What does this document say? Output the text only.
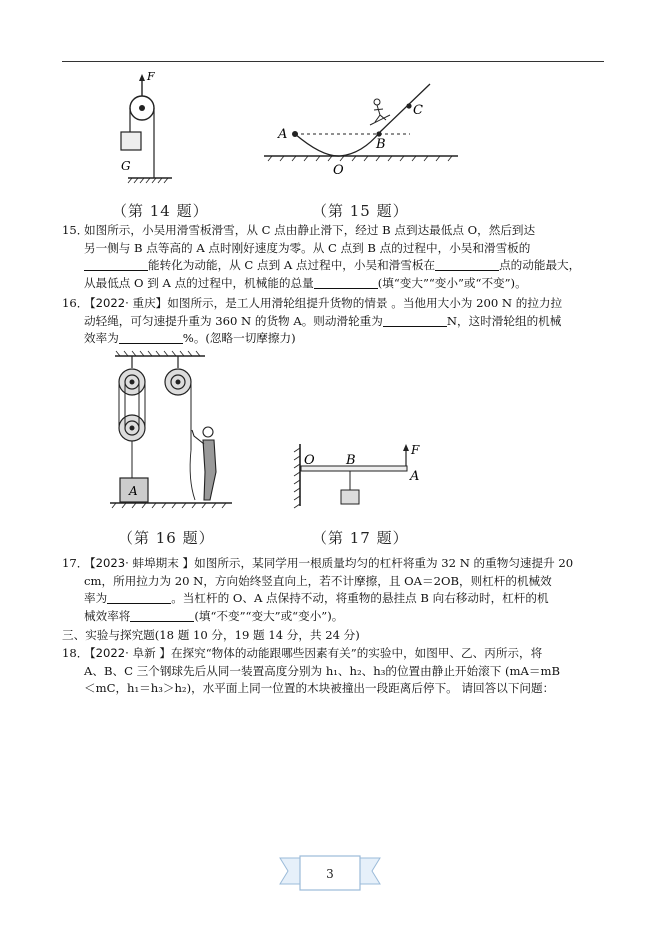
F
G
A
B
C
O
（第 14 题）	（第 15 题）
15．
如图所示，小吴用滑雪板滑雪，从 C 点由静止滑下，经过 B 点到达最低点 O，然后到达
另一侧与 B 点等高的 A 点时刚好速度为零。从 C 点到 B 点的过程中，小吴和滑雪板的
能转化为动能，从 C 点到 A 点过程中，小吴和滑雪板在	点的动能最大，
从最低点 O 到 A 点的过程中，机械能的总量	(填“变大”“变小”或“不变”)。
16．
【2022· 重庆】如图所示，是工人用滑轮组提升货物的情景 。当他用大小为 200 N 的拉力拉
动轻绳，可匀速提升重为 360 N 的货物 A。则动滑轮重为	N，这时滑轮组的机械
效率为	%。(忽略一切摩擦力)
A
O B
F
A
（第 16 题）	（第 17 题）
17．
【2023· 蚌埠期末 】如图所示，某同学用一根质量均匀的杠杆将重为 32 N 的重物匀速提升 20
cm，所用拉力为 20 N，方向始终竖直向上，若不计摩擦，且 OA＝2OB，则杠杆的机械效
率为	。当杠杆的 O、A 点保持不动，将重物的悬挂点 B 向右移动时，杠杆的机
械效率将	(填“不变”“变大”或“变小”)。
三、实验与探究题(18 题 10 分，19 题 14 分，共 24 分)
18．
【2022· 阜新 】在探究“物体的动能跟哪些因素有关”的实验中，如图甲、乙、丙所示，将
A、B、C 三个钢球先后从同一装置高度分别为 h₁、h₂、h₃的位置由静止开始滚下 (mA＝mB
＜mC，h₁＝h₃＞h₂)，水平面上同一位置的木块被撞出一段距离后停下。 请回答以下问题：
3
